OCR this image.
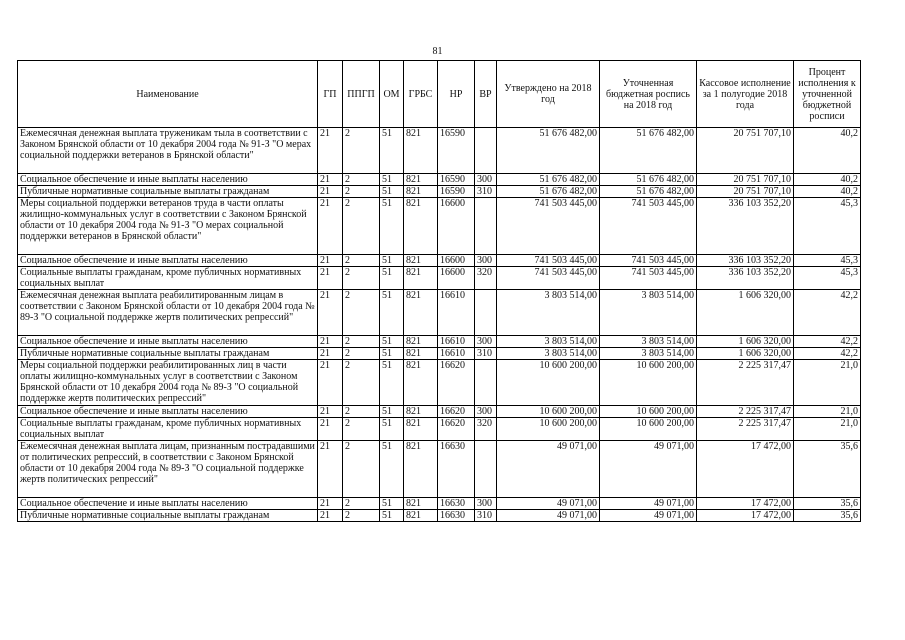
81
Наименование	ГП	ППГП	ОМ	ГРБС	НР	ВР	Утверждено на 2018 год	Уточненная бюджетная роспись на 2018 год	Кассовое исполнение за 1 полугодие 2018 года	Процент исполнения к уточненной бюджетной росписи
Ежемесячная денежная выплата труженикам тыла в соответствии с Законом Брянской области от 10 декабря 2004 года № 91-З "О мерах социальной поддержки ветеранов в Брянской области"	21	2	51	821	16590		51 676 482,00	51 676 482,00	20 751 707,10	40,2
Социальное обеспечение и иные выплаты населению	21	2	51	821	16590	300	51 676 482,00	51 676 482,00	20 751 707,10	40,2
Публичные нормативные социальные выплаты гражданам	21	2	51	821	16590	310	51 676 482,00	51 676 482,00	20 751 707,10	40,2
Меры социальной поддержки ветеранов труда в части оплаты жилищно-коммунальных услуг в соответствии с Законом Брянской области от 10 декабря 2004 года № 91-З "О мерах социальной поддержки ветеранов в Брянской области"	21	2	51	821	16600		741 503 445,00	741 503 445,00	336 103 352,20	45,3
Социальное обеспечение и иные выплаты населению	21	2	51	821	16600	300	741 503 445,00	741 503 445,00	336 103 352,20	45,3
Социальные выплаты гражданам, кроме публичных нормативных социальных выплат	21	2	51	821	16600	320	741 503 445,00	741 503 445,00	336 103 352,20	45,3
Ежемесячная денежная выплата реабилитированным лицам в соответствии с Законом Брянской области от 10 декабря 2004 года № 89-З "О социальной поддержке жертв политических репрессий"	21	2	51	821	16610		3 803 514,00	3 803 514,00	1 606 320,00	42,2
Социальное обеспечение и иные выплаты населению	21	2	51	821	16610	300	3 803 514,00	3 803 514,00	1 606 320,00	42,2
Публичные нормативные социальные выплаты гражданам	21	2	51	821	16610	310	3 803 514,00	3 803 514,00	1 606 320,00	42,2
Меры социальной поддержки реабилитированных лиц в части оплаты жилищно-коммунальных услуг в соответствии с Законом Брянской области от 10 декабря 2004 года № 89-З "О социальной поддержке жертв политических репрессий"	21	2	51	821	16620		10 600 200,00	10 600 200,00	2 225 317,47	21,0
Социальное обеспечение и иные выплаты населению	21	2	51	821	16620	300	10 600 200,00	10 600 200,00	2 225 317,47	21,0
Социальные выплаты гражданам, кроме публичных нормативных социальных выплат	21	2	51	821	16620	320	10 600 200,00	10 600 200,00	2 225 317,47	21,0
Ежемесячная денежная выплата лицам, признанным пострадавшими от политических репрессий, в соответствии с Законом Брянской области от 10 декабря 2004 года № 89-З "О социальной поддержке жертв политических репрессий"	21	2	51	821	16630		49 071,00	49 071,00	17 472,00	35,6
Социальное обеспечение и иные выплаты населению	21	2	51	821	16630	300	49 071,00	49 071,00	17 472,00	35,6
Публичные нормативные социальные выплаты гражданам	21	2	51	821	16630	310	49 071,00	49 071,00	17 472,00	35,6
